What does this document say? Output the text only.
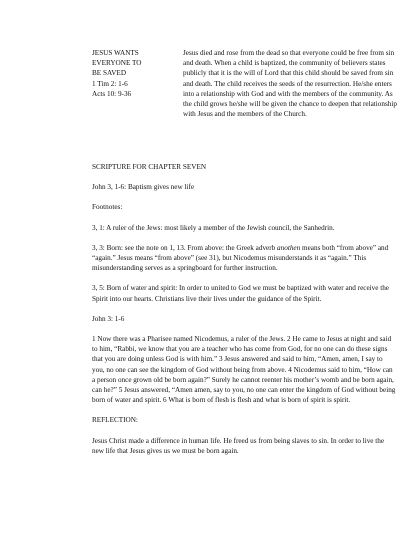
JESUS WANTS
EVERYONE TO
BE SAVED
1 Tim 2: 1-6
Acts 10: 9-36
Jesus died and rose from the dead so that everyone could be free from sin and death. When a child is baptized, the community of believers states publicly that it is the will of Lord that this child should be saved from sin and death. The child receives the seeds of the resurrection. He/she enters into a relationship with God and with the members of the community. As the child grows he/she will be given the chance to deepen that relationship with Jesus and the members of the Church.

SCRIPTURE FOR CHAPTER SEVEN

John 3, 1-6: Baptism gives new life

Footnotes:

3, 1: A ruler of the Jews: most likely a member of the Jewish council, the Sanhedrin.

3, 3: Born: see the note on 1, 13. From above: the Greek adverb anothen means both “from above” and “again.” Jesus means “from above” (see 31), but Nicodemus misunderstands it as “again.” This misunderstanding serves as a springboard for further instruction.

3, 5: Born of water and spirit: In order to united to God we must be baptized with water and receive the Spirit into our hearts. Christians live their lives under the guidance of the Spirit.

John 3: 1-6

1 Now there was a Pharisee named Nicodemus, a ruler of the Jews. 2 He came to Jesus at night and said to him, “Rabbi, we know that you are a teacher who has come from God, for no one can do these signs that you are doing unless God is with him.” 3 Jesus answered and said to him, “Amen, amen, I say to you, no one can see the kingdom of God without being from above. 4 Nicodemus said to him, “How can a person once grown old be born again?” Surely he cannot reenter his mother’s womb and be born again, can he?” 5 Jesus answered, “Amen amen, say to you, no one can enter the kingdom of God without being born of water and spirit. 6 What is born of flesh is flesh and what is born of spirit is spirit.

REFLECTION:

Jesus Christ made a difference in human life. He freed us from being slaves to sin. In order to live the new life that Jesus gives us we must be born again.
